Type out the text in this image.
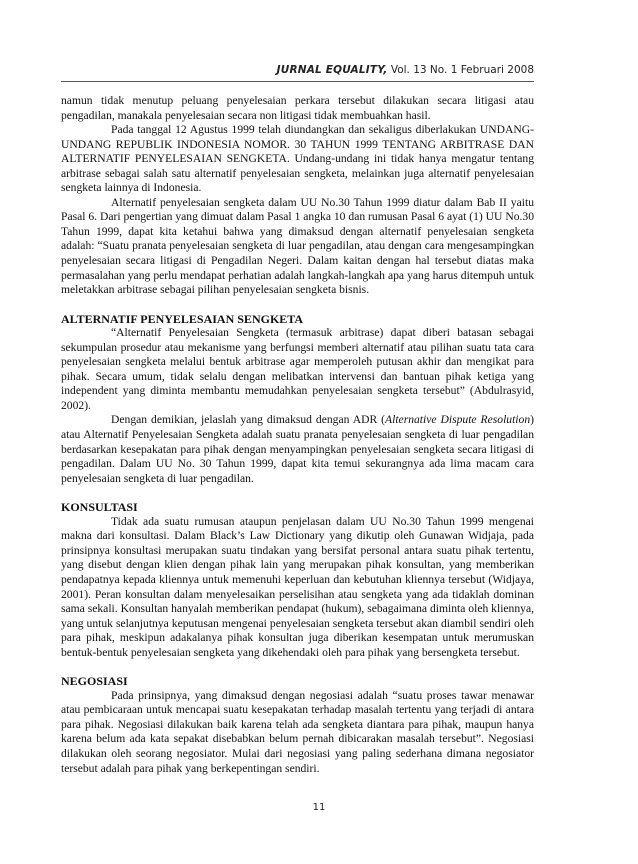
JURNAL EQUALITY, Vol. 13 No. 1 Februari 2008

namun tidak menutup peluang penyelesaian perkara tersebut dilakukan secara litigasi atau pengadilan, manakala penyelesaian secara non litigasi tidak membuahkan hasil.

Pada tanggal 12 Agustus 1999 telah diundangkan dan sekaligus diberlakukan UNDANG-UNDANG REPUBLIK INDONESIA NOMOR. 30 TAHUN 1999 TENTANG ARBITRASE DAN ALTERNATIF PENYELESAIAN SENGKETA. Undang-undang ini tidak hanya mengatur tentang arbitrase sebagai salah satu alternatif penyelesaian sengketa, melainkan juga alternatif penyelesaian sengketa lainnya di Indonesia.

Alternatif penyelesaian sengketa dalam UU No.30 Tahun 1999 diatur dalam Bab II yaitu Pasal 6. Dari pengertian yang dimuat dalam Pasal 1 angka 10 dan rumusan Pasal 6 ayat (1) UU No.30 Tahun 1999, dapat kita ketahui bahwa yang dimaksud dengan alternatif penyelesaian sengketa adalah: “Suatu pranata penyelesaian sengketa di luar pengadilan, atau dengan cara mengesampingkan penyelesaian secara litigasi di Pengadilan Negeri. Dalam kaitan dengan hal tersebut diatas maka permasalahan yang perlu mendapat perhatian adalah langkah-langkah apa yang harus ditempuh untuk meletakkan arbitrase sebagai pilihan penyelesaian sengketa bisnis.

ALTERNATIF PENYELESAIAN SENGKETA

“Alternatif Penyelesaian Sengketa (termasuk arbitrase) dapat diberi batasan sebagai sekumpulan prosedur atau mekanisme yang berfungsi memberi alternatif atau pilihan suatu tata cara penyelesaian sengketa melalui bentuk arbitrase agar memperoleh putusan akhir dan mengikat para pihak. Secara umum, tidak selalu dengan melibatkan intervensi dan bantuan pihak ketiga yang independent yang diminta membantu memudahkan penyelesaian sengketa tersebut” (Abdulrasyid, 2002).

Dengan demikian, jelaslah yang dimaksud dengan ADR (Alternative Dispute Resolution) atau Alternatif Penyelesaian Sengketa adalah suatu pranata penyelesaian sengketa di luar pengadilan berdasarkan kesepakatan para pihak dengan menyampingkan penyelesaian sengketa secara litigasi di pengadilan. Dalam UU No. 30 Tahun 1999, dapat kita temui sekurangnya ada lima macam cara penyelesaian sengketa di luar pengadilan.

KONSULTASI

Tidak ada suatu rumusan ataupun penjelasan dalam UU No.30 Tahun 1999 mengenai makna dari konsultasi. Dalam Black’s Law Dictionary yang dikutip oleh Gunawan Widjaja, pada prinsipnya konsultasi merupakan suatu tindakan yang bersifat personal antara suatu pihak tertentu, yang disebut dengan klien dengan pihak lain yang merupakan pihak konsultan, yang memberikan pendapatnya kepada kliennya untuk memenuhi keperluan dan kebutuhan kliennya tersebut (Widjaya, 2001). Peran konsultan dalam menyelesaikan perselisihan atau sengketa yang ada tidaklah dominan sama sekali. Konsultan hanyalah memberikan pendapat (hukum), sebagaimana diminta oleh kliennya, yang untuk selanjutnya keputusan mengenai penyelesaian sengketa tersebut akan diambil sendiri oleh para pihak, meskipun adakalanya pihak konsultan juga diberikan kesempatan untuk merumuskan bentuk-bentuk penyelesaian sengketa yang dikehendaki oleh para pihak yang bersengketa tersebut.

NEGOSIASI

Pada prinsipnya, yang dimaksud dengan negosiasi adalah “suatu proses tawar menawar atau pembicaraan untuk mencapai suatu kesepakatan terhadap masalah tertentu yang terjadi di antara para pihak. Negosiasi dilakukan baik karena telah ada sengketa diantara para pihak, maupun hanya karena belum ada kata sepakat disebabkan belum pernah dibicarakan masalah tersebut”. Negosiasi dilakukan oleh seorang negosiator. Mulai dari negosiasi yang paling sederhana dimana negosiator tersebut adalah para pihak yang berkepentingan sendiri.

11
